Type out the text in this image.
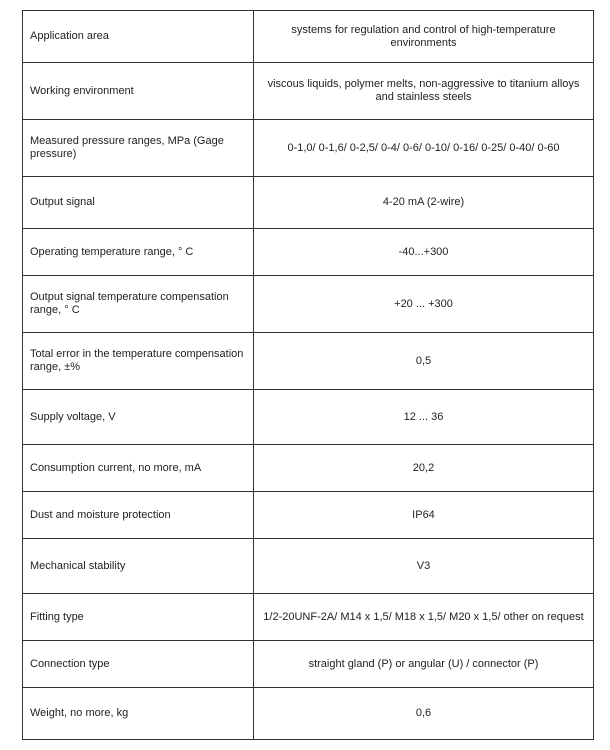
Application area	systems for regulation and control of high-temperature environments
Working environment	viscous liquids, polymer melts, non-aggressive to titanium alloys and stainless steels
Measured pressure ranges, MPa (Gage pressure)	0-1,0/ 0-1,6/ 0-2,5/ 0-4/ 0-6/ 0-10/ 0-16/ 0-25/ 0-40/ 0-60
Output signal	4-20 mA (2-wire)
Operating temperature range, ° C	-40...+300
Output signal temperature compensation range, ° C	+20 ... +300
Total error in the temperature compensation range, ±%	0,5
Supply voltage, V	12 ... 36
Consumption current, no more, mA	20,2
Dust and moisture protection	IP64
Mechanical stability	V3
Fitting type	1/2-20UNF-2A/ M14 x 1,5/ M18 x 1,5/ M20 x 1,5/ other on request
Connection type	straight gland (P) or angular (U) / connector (P)
Weight, no more, kg	0,6
